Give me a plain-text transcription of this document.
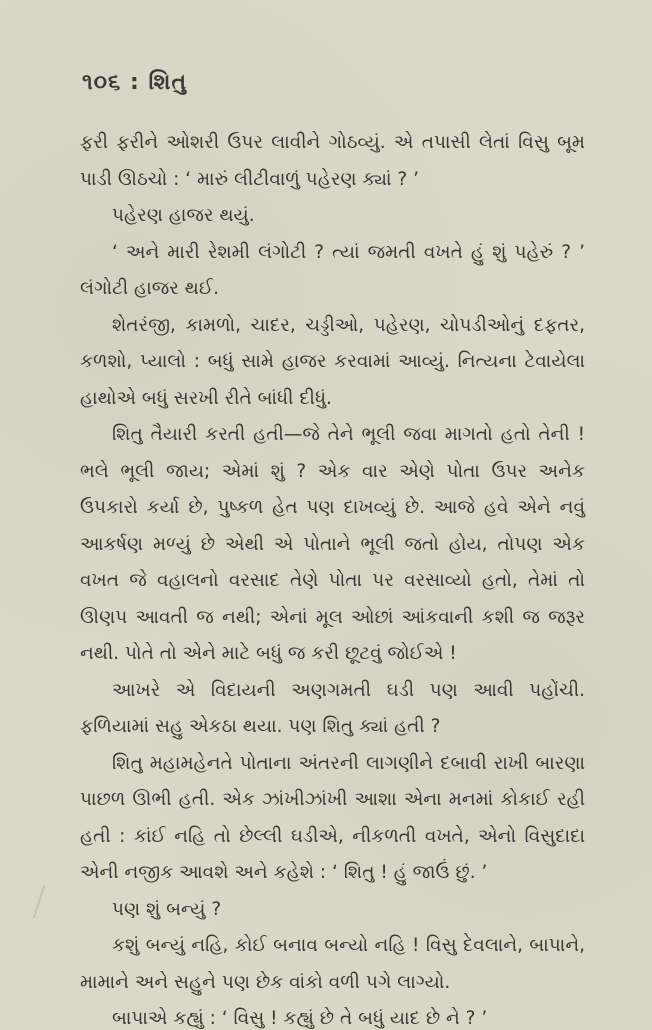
૧૦૬ : શિતુ

ફરી ફરીને ઓશરી ઉપર લાવીને ગોઠવ્યું. એ તપાસી લેતાં વિસુ બૂમ પાડી ઊઠચો : ‘ મારું લીટીવાળું પહેરણ ક્યાં ? ’

પહેરણ હાજર થયું.

‘ અને મારી રેશમી લંગોટી ? ત્યાં જમતી વખતે હું શું પહેરું ? ’ લંગોટી હાજર થઈ.

શેતરંજી, કામળો, ચાદર, ચડ્ડીઓ, પહેરણ, ચોપડીઓનું દફતર, કળશો, પ્યાલો : બધું સામે હાજર કરવામાં આવ્યું. નિત્યના ટેવાયેલા હાથોએ બધું સરખી રીતે બાંધી દીધું.

શિતુ તૈયારી કરતી હતી—જે તેને ભૂલી જવા માગતો હતો તેની ! ભલે ભૂલી જાય; એમાં શું ? એક વાર એણે પોતા ઉપર અનેક ઉપકારો કર્યા છે, પુષ્કળ હેત પણ દાખવ્યું છે. આજે હવે એને નવું આકર્ષણ મળ્યું છે એથી એ પોતાને ભૂલી જતો હોય, તોપણ એક વખત જે વહાલનો વરસાદ તેણે પોતા પર વરસાવ્યો હતો, તેમાં તો ઊણપ આવતી જ નથી; એનાં મૂલ ઓછાં આંકવાની કશી જ જરૂર નથી. પોતે તો એને માટે બધું જ કરી છૂટવું જોઈએ !

આખરે એ વિદાયની અણગમતી ઘડી પણ આવી પહોંચી. ફળિયામાં સહુ એકઠા થયા. પણ શિતુ ક્યાં હતી ?

શિતુ મહામહેનતે પોતાના અંતરની લાગણીને દબાવી રાખી બારણા પાછળ ઊભી હતી. એક ઝાંખીઝાંખી આશા એના મનમાં કોકાઈ રહી હતી : કાંઈ નહિ તો છેલ્લી ઘડીએ, નીકળતી વખતે, એનો વિસુદાદા એની નજીક આવશે અને કહેશે : ‘ શિતુ ! હું જાઉં છું. ’

પણ શું બન્યું ?

કશું બન્યું નહિ, કોઈ બનાવ બન્યો નહિ ! વિસુ દેવલાને, બાપાને, મામાને અને સહુને પણ છેક વાંકો વળી પગે લાગ્યો.

બાપાએ કહ્યું : ‘ વિસુ ! કહ્યું છે તે બધું યાદ છે ને ? ’
